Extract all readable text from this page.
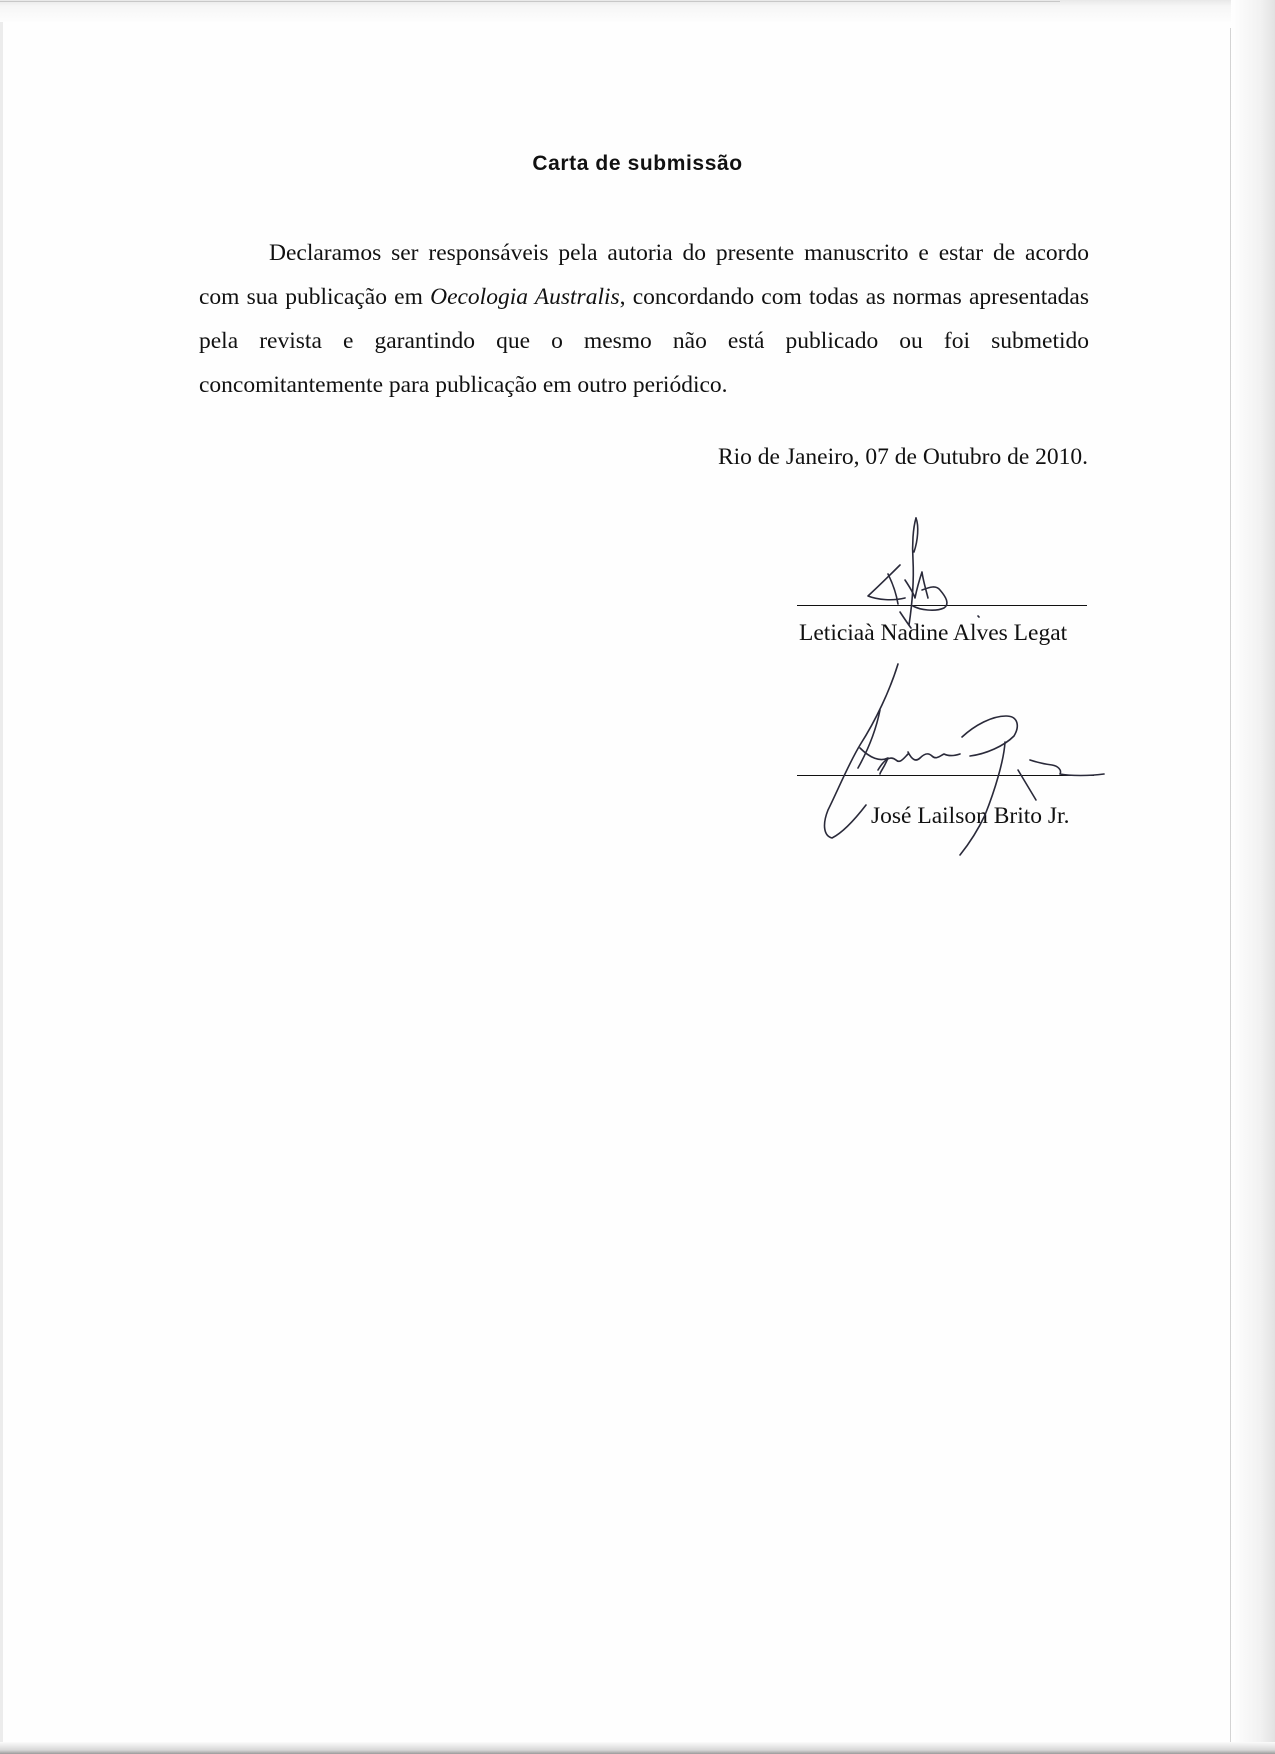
Carta de submissão

Declaramos ser responsáveis pela autoria do presente manuscrito e estar de acordo com sua publicação em Oecologia Australis, concordando com todas as normas apresentadas pela revista e garantindo que o mesmo não está publicado ou foi submetido concomitantemente para publicação em outro periódico.

Rio de Janeiro, 07 de Outubro de 2010.

Leticiaà Nadine Alves Legat

José Lailson Brito Jr.
